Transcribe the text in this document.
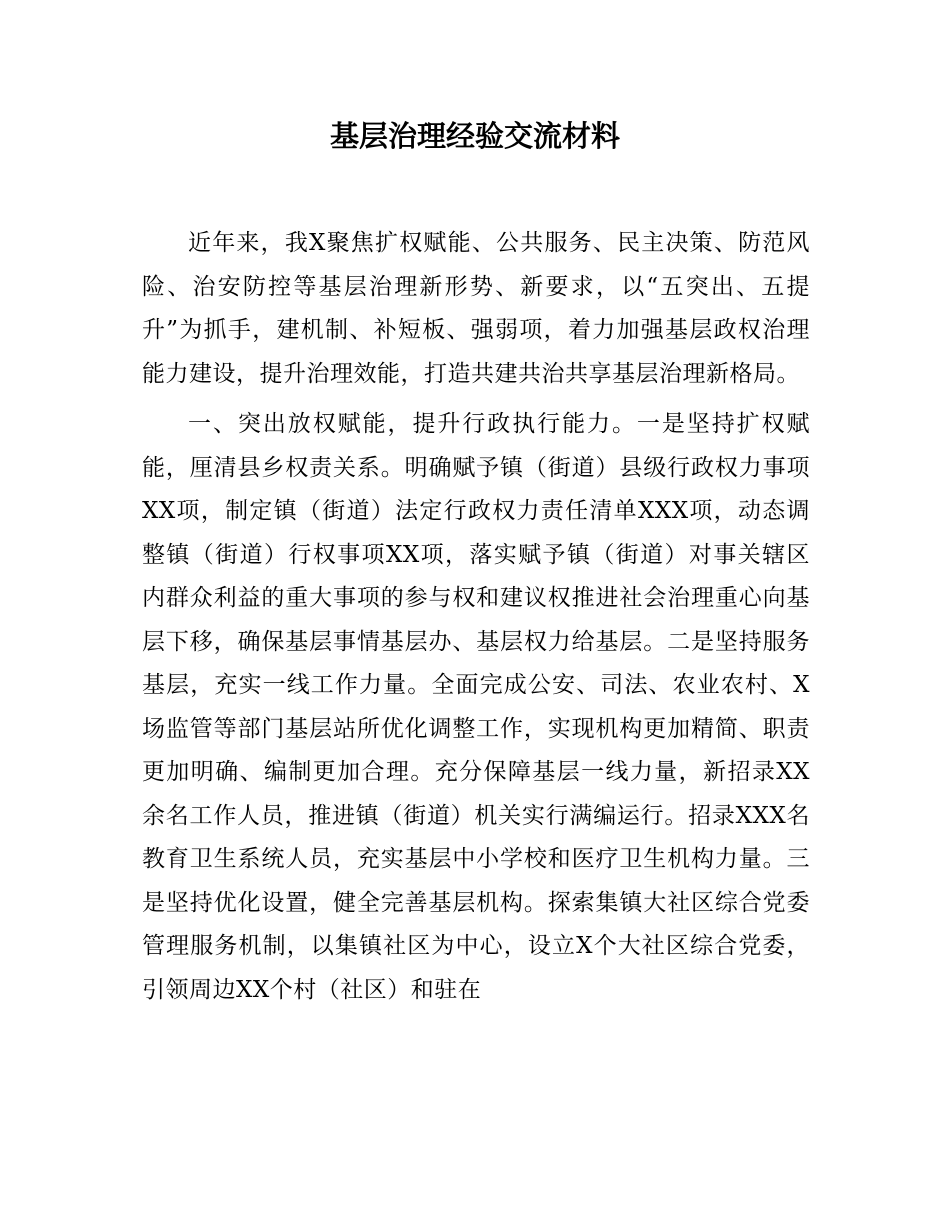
基层治理经验交流材料

近年来，我X聚焦扩权赋能、公共服务、民主决策、防范风险、治安防控等基层治理新形势、新要求，以“五突出、五提升”为抓手，建机制、补短板、强弱项，着力加强基层政权治理能力建设，提升治理效能，打造共建共治共享基层治理新格局。

一、突出放权赋能，提升行政执行能力。一是坚持扩权赋能，厘清县乡权责关系。明确赋予镇（街道）县级行政权力事项XX项，制定镇（街道）法定行政权力责任清单XXX项，动态调整镇（街道）行权事项XX项，落实赋予镇（街道）对事关辖区内群众利益的重大事项的参与权和建议权推进社会治理重心向基层下移，确保基层事情基层办、基层权力给基层。二是坚持服务基层，充实一线工作力量。全面完成公安、司法、农业农村、X场监管等部门基层站所优化调整工作，实现机构更加精简、职责更加明确、编制更加合理。充分保障基层一线力量，新招录XX余名工作人员，推进镇（街道）机关实行满编运行。招录XXX名教育卫生系统人员，充实基层中小学校和医疗卫生机构力量。三是坚持优化设置，健全完善基层机构。探索集镇大社区综合党委管理服务机制，以集镇社区为中心，设立X个大社区综合党委，引领周边XX个村（社区）和驻在
